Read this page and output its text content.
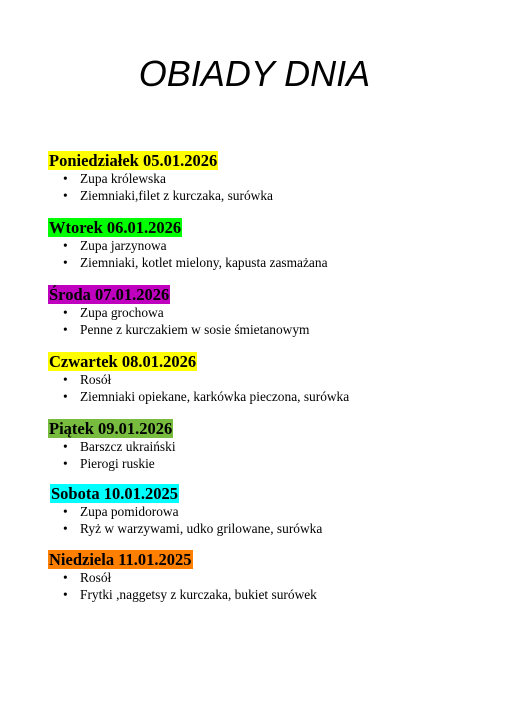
OBIADY DNIA
Poniedziałek 05.01.2026
• Zupa królewska
• Ziemniaki,filet z kurczaka, surówka
Wtorek 06.01.2026
• Zupa jarzynowa
• Ziemniaki, kotlet mielony, kapusta zasmażana
Środa 07.01.2026
• Zupa grochowa
• Penne z kurczakiem w sosie śmietanowym
Czwartek 08.01.2026
• Rosół
• Ziemniaki opiekane, karkówka pieczona, surówka
Piątek 09.01.2026
• Barszcz ukraiński
• Pierogi ruskie
Sobota 10.01.2025
• Zupa pomidorowa
• Ryż w warzywami, udko grilowane, surówka
Niedziela 11.01.2025
• Rosół
• Frytki ,naggetsy z kurczaka, bukiet surówek
